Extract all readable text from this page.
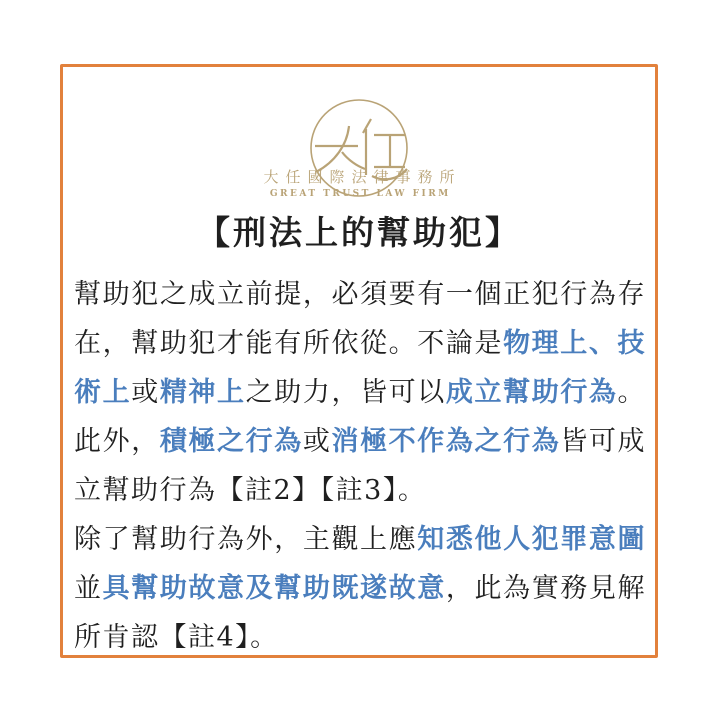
大任國際法律事務所
GREAT TRUST LAW FIRM
【刑法上的幫助犯】

幫助犯之成立前提，必須要有一個正犯行為存在，幫助犯才能有所依從。不論是物理上、技術上或精神上之助力，皆可以成立幫助行為。此外，積極之行為或消極不作為之行為皆可成立幫助行為【註2】【註3】。

除了幫助行為外，主觀上應知悉他人犯罪意圖並具幫助故意及幫助既遂故意，此為實務見解所肯認【註4】。
